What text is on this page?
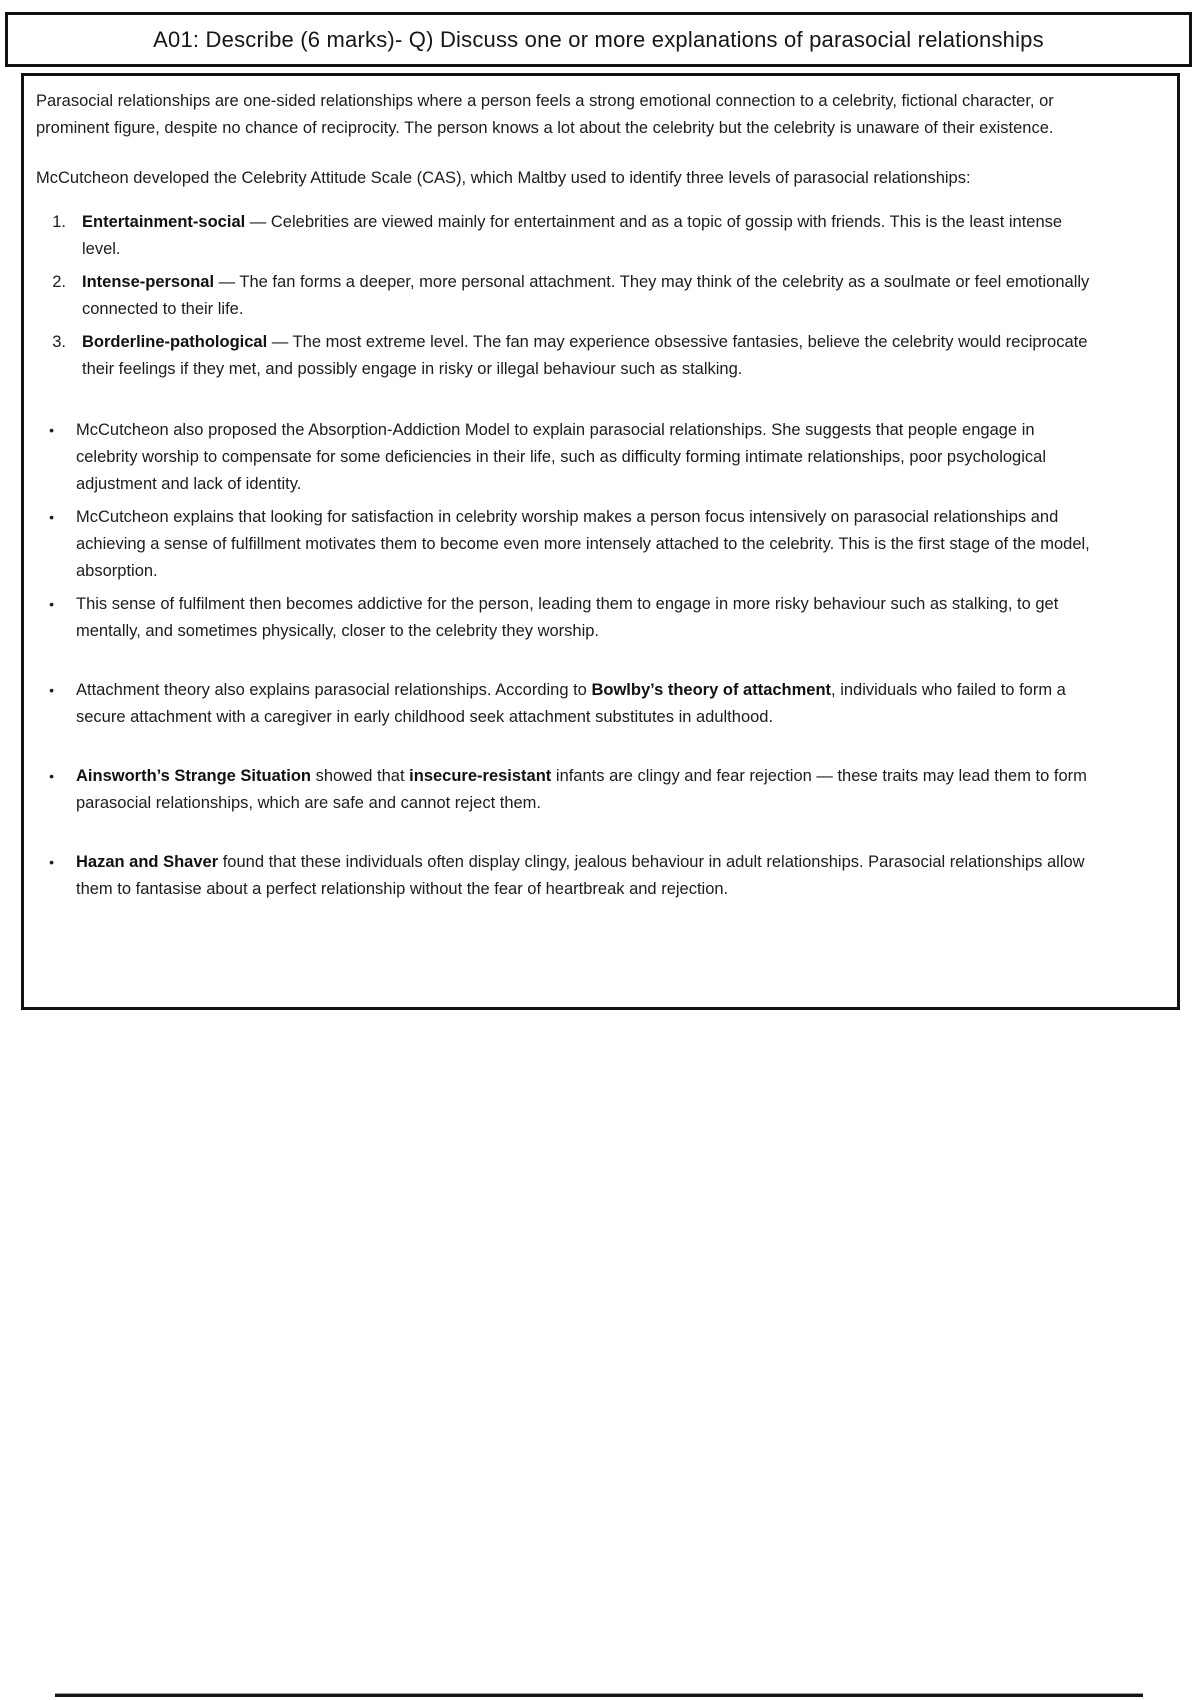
A01: Describe (6 marks)- Q) Discuss one or more explanations of parasocial relationships

Parasocial relationships are one-sided relationships where a person feels a strong emotional connection to a celebrity, fictional character, or prominent figure, despite no chance of reciprocity. The person knows a lot about the celebrity but the celebrity is unaware of their existence.

McCutcheon developed the Celebrity Attitude Scale (CAS), which Maltby used to identify three levels of parasocial relationships:

1. Entertainment-social — Celebrities are viewed mainly for entertainment and as a topic of gossip with friends. This is the least intense level.
2. Intense-personal — The fan forms a deeper, more personal attachment. They may think of the celebrity as a soulmate or feel emotionally connected to their life.
3. Borderline-pathological — The most extreme level. The fan may experience obsessive fantasies, believe the celebrity would reciprocate their feelings if they met, and possibly engage in risky or illegal behaviour such as stalking.
•	McCutcheon also proposed the Absorption-Addiction Model to explain parasocial relationships. She suggests that people engage in celebrity worship to compensate for some deficiencies in their life, such as difficulty forming intimate relationships, poor psychological adjustment and lack of identity.
•	McCutcheon explains that looking for satisfaction in celebrity worship makes a person focus intensively on parasocial relationships and achieving a sense of fulfillment motivates them to become even more intensely attached to the celebrity. This is the first stage of the model, absorption.
•	This sense of fulfilment then becomes addictive for the person, leading them to engage in more risky behaviour such as stalking, to get mentally, and sometimes physically, closer to the celebrity they worship.
•	Attachment theory also explains parasocial relationships. According to Bowlby’s theory of attachment, individuals who failed to form a secure attachment with a caregiver in early childhood seek attachment substitutes in adulthood.
•	Ainsworth’s Strange Situation showed that insecure-resistant infants are clingy and fear rejection — these traits may lead them to form parasocial relationships, which are safe and cannot reject them.
•	Hazan and Shaver found that these individuals often display clingy, jealous behaviour in adult relationships. Parasocial relationships allow them to fantasise about a perfect relationship without the fear of heartbreak and rejection.
